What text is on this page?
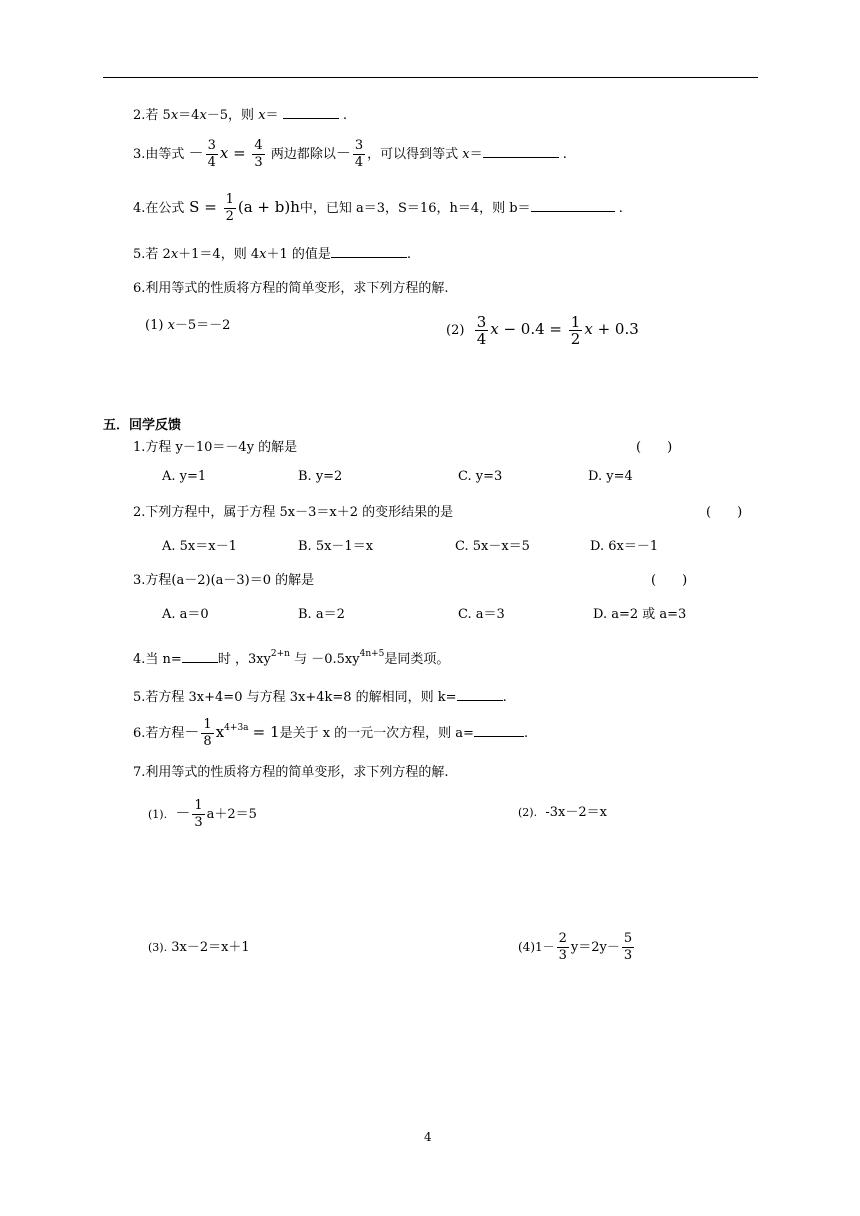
2.若 5x＝4x－5，则 x＝	.
3.由等式 － $\frac{3}{4}$ $x = \frac{4}{3}$ 两边都除以－ $\frac{3}{4}$ ，可以得到等式 x＝	.
4.在公式 $S = \frac{1}{2} (a + b)h$中，已知 a＝3，S＝16，h＝4，则 b＝	.
5.若 2x＋1＝4，则 4x＋1 的值是	.
6.利用等式的性质将方程的简单变形，求下列方程的解.
(1) x－5＝－2	$(2) \frac{3}{4}$ $x - 0.4 = \frac{1}{2}$ x + 0.3
五．回学反馈
1.方程 y－10＝－4y 的解是	(　　)
A. y=1	B. y=2	C. y=3	D. y=4
2.下列方程中，属于方程 5x－3＝x＋2 的变形结果的是	(　　)
A. 5x＝x－1	B. 5x－1＝x	C. 5x－x＝5	D. 6x＝－1
3.方程(a－2)(a－3)＝0 的解是	(　　)
A. a＝0	B. a＝2	C. a＝3	D. a=2 或 a=3
4.当 n=	时 ，$3xy^{2+n}$ 与 $-0.5xy^{4n+5}$是同类项。
5.若方程 3x+4=0 与方程 3x+4k=8 的解相同，则 k=	.
6.若方程－ $\frac{1}{8} x^{4+3a} = 1$是关于 x 的一元一次方程，则 a=	.
7.利用等式的性质将方程的简单变形，求下列方程的解.
(1). － $\frac{1}{3} a+2=5$	(2). -3x－2＝x
(3). 3x－2＝x＋1	$(4)1- \frac{2}{3} y=2y- \frac{5}{3}$
4
